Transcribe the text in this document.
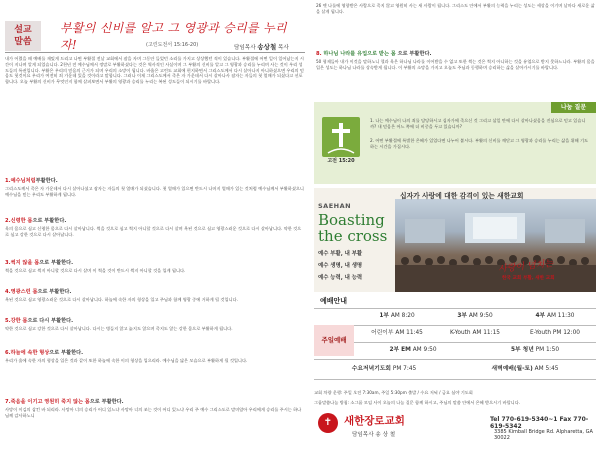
설교
말씀
부활의 신비를 알고 그 영광과 승리를 누리자!	(고린도전서 15:16-20)	담임목사 송상철 목사
내가 어렸을 때 예배를 재밌게 드리고 나면 부활절 전날 교회에서 잠을 자며 그동안 들었던 소리를 가지고 상상했던 적이 있습니다. 부활절에 어떤 일이 일어났는지 시간이 지나며 알게 되었습니다. 2천년 전 예수님께서 정말로 부활하셨다는 것은 역사적인 사실이며 그 부활의 신비를 알고 그 영광과 승리를 누리며 사는 것이 우리 성도들의 특권입니다. 부활은 우리의 믿음의 근거가 되며 우리의 소망이 됩니다. 바울은 고린도 교회에 편지하면서 그리스도께서 다시 살아나지 아니하셨으면 우리의 믿음도 헛것이요 우리가 여전히 죄 가운데 있을 것이라고 말합니다. 그러나 이제 그리스도께서 죽은 자 가운데서 다시 살아나사 잠자는 자들의 첫 열매가 되셨다고 선포합니다. 오늘 부활의 신비가 무엇인지 함께 살펴보면서 부활의 영광과 승리를 누리는 복된 성도들이 되시기를 바랍니다.
1.예수님처럼부활한다.
그리스도께서 죽은 자 가운데서 다시 살아나셨고 잠자는 자들의 첫 열매가 되셨습니다. 첫 열매가 있으면 반드시 나머지 열매가 있는 것처럼 예수님께서 부활하셨으니 예수님을 믿는 우리도 부활하게 됩니다.
2.신령한 몸으로 부활한다.
육의 몸으로 심고 신령한 몸으로 다시 살아납니다. 썩을 것으로 심고 썩지 아니할 것으로 다시 살며 욕된 것으로 심고 영광스러운 것으로 다시 살아납니다. 약한 것으로 심고 강한 것으로 다시 살아납니다.
3.썩지 않을 몸으로 부활한다.
썩을 것으로 심고 썩지 아니할 것으로 다시 살며 이 썩을 것이 반드시 썩지 아니할 것을 입게 됩니다.
4.영광스런 몸으로 부활한다.
욕된 것으로 심고 영광스러운 것으로 다시 살아납니다. 하늘에 속한 자의 형상을 입고 주님과 함께 영광 중에 거하게 될 것입니다.
5.강한 몸으로 다시 부활한다.
약한 것으로 심고 강한 것으로 다시 살아납니다. 다시는 병들지 않고 늙지도 않으며 죽지도 않는 강한 몸으로 부활하게 됩니다.
6.하늘에 속한 형상으로 부활한다.
우리가 흙에 속한 자의 형상을 입은 것과 같이 또한 하늘에 속한 이의 형상을 입으리라. 예수님을 닮은 모습으로 부활하게 될 것입니다.
7.죽음을 이기고 영원히 죽지 않는 몸으로 부활한다.
사망이 이김의 삼킨 바 되리라. 사망아 너의 승리가 어디 있느냐 사망아 너의 쏘는 것이 어디 있느냐 우리 주 예수 그리스도로 말미암아 우리에게 승리를 주시는 하나님께 감사하노니
26 옛 나를에 영향받은 사람으로 죽지 않고 영원히 사는 새 사람이 됩니다. 그리스도 안에서 부활의 능력을 누리는 성도는 세상을 이기며 날마다 새로운 삶을 살게 됩니다.
8. 하나님 나라를 유업으로 받는 몸 으로 부활한다.
50 형제들아 내가 이것을 말하노니 혈과 육은 하나님 나라를 이어받을 수 없고 또한 썩는 것은 썩지 아니하는 것을 유업으로 받지 못하느니라. 부활의 몸을 입은 성도는 하나님 나라를 상속받게 됩니다. 이 부활의 소망을 가지고 오늘도 주님과 동행하며 승리하는 삶을 살아가시기를 바랍니다.
나눔 질문
고전 15:20
1. 나는 예수님이 나의 죄를 담당하시고 십자가에 죽으신 것 그리고 삼일 만에 다시 살아나셨음을 진심으로 믿고 있습니까? 내 믿음은 어느 쪽에 더 비중을 두고 있습니까?
2. 어떤 부활절에 특별한 은혜가 있었다면 나누어 봅시다. 부활의 신비를 깨닫고 그 영광과 승리를 누리는 삶을 위해 기도하는 시간을 가집시다.
십자가 사랑에 대한 감격이 있는 새한교회
SAEHAN
Boasting
the cross
예수 부활, 내 부활
예수 생명, 내 생명
예수 능력, 내 능력
사랑이 넘치는
한국 교회 부활, 새한 교회
예배안내
1부 AM 8:20	3부 AM 9:50	4부 AM 11:30
어린이부 AM 11:45	K-Youth AM 11:15	E-Youth PM 12:00
2부 EM AM 9:50	5부 청년 PM 1:50
수요저녁기도회 PM 7:45	새벽예배(월-토) AM 5:45
주일예배
교회 차량 운행: 주일 오전 7:30am, 주일 5:30pm 출발 / 수요 저녁 / 금요 심야 기도회
그룹말씀나눔 방침: 소그룹 모임 사이 오늘의 나눔 질문 함께 하시고, 주님의 말씀 안에서 은혜 받으시기 바랍니다.
✝	새한장로교회
담임목사 송 상 철
Tel 770-619-5340~1 Fax 770-619-5342
3385 Kimball Bridge Rd. Alpharetta, GA 30022
